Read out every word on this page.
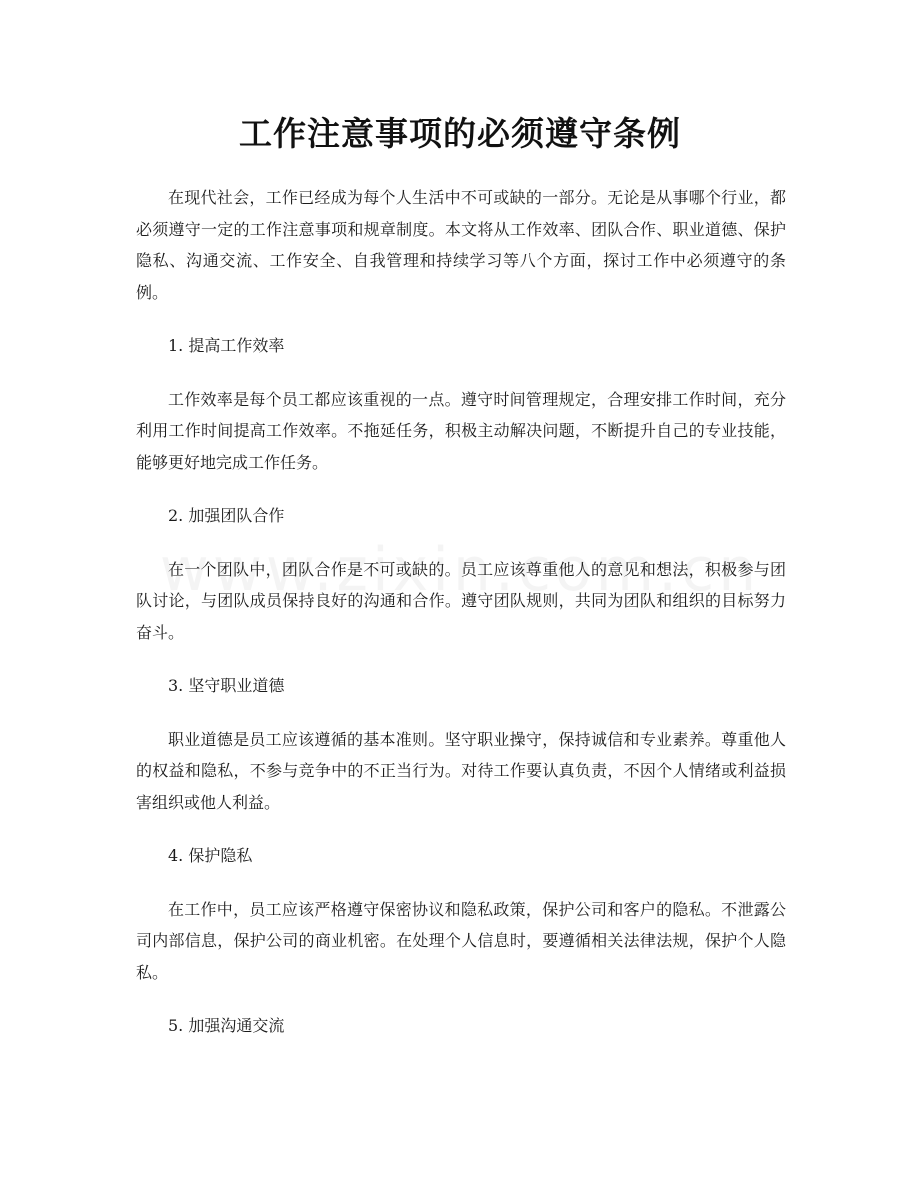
工作注意事项的必须遵守条例

在现代社会，工作已经成为每个人生活中不可或缺的一部分。无论是从事哪个行业，都必须遵守一定的工作注意事项和规章制度。本文将从工作效率、团队合作、职业道德、保护隐私、沟通交流、工作安全、自我管理和持续学习等八个方面，探讨工作中必须遵守的条例。

1. 提高工作效率

工作效率是每个员工都应该重视的一点。遵守时间管理规定，合理安排工作时间，充分利用工作时间提高工作效率。不拖延任务，积极主动解决问题，不断提升自己的专业技能，能够更好地完成工作任务。

2. 加强团队合作

在一个团队中，团队合作是不可或缺的。员工应该尊重他人的意见和想法，积极参与团队讨论，与团队成员保持良好的沟通和合作。遵守团队规则，共同为团队和组织的目标努力奋斗。

3. 坚守职业道德

职业道德是员工应该遵循的基本准则。坚守职业操守，保持诚信和专业素养。尊重他人的权益和隐私，不参与竞争中的不正当行为。对待工作要认真负责，不因个人情绪或利益损害组织或他人利益。

4. 保护隐私

在工作中，员工应该严格遵守保密协议和隐私政策，保护公司和客户的隐私。不泄露公司内部信息，保护公司的商业机密。在处理个人信息时，要遵循相关法律法规，保护个人隐私。

5. 加强沟通交流
